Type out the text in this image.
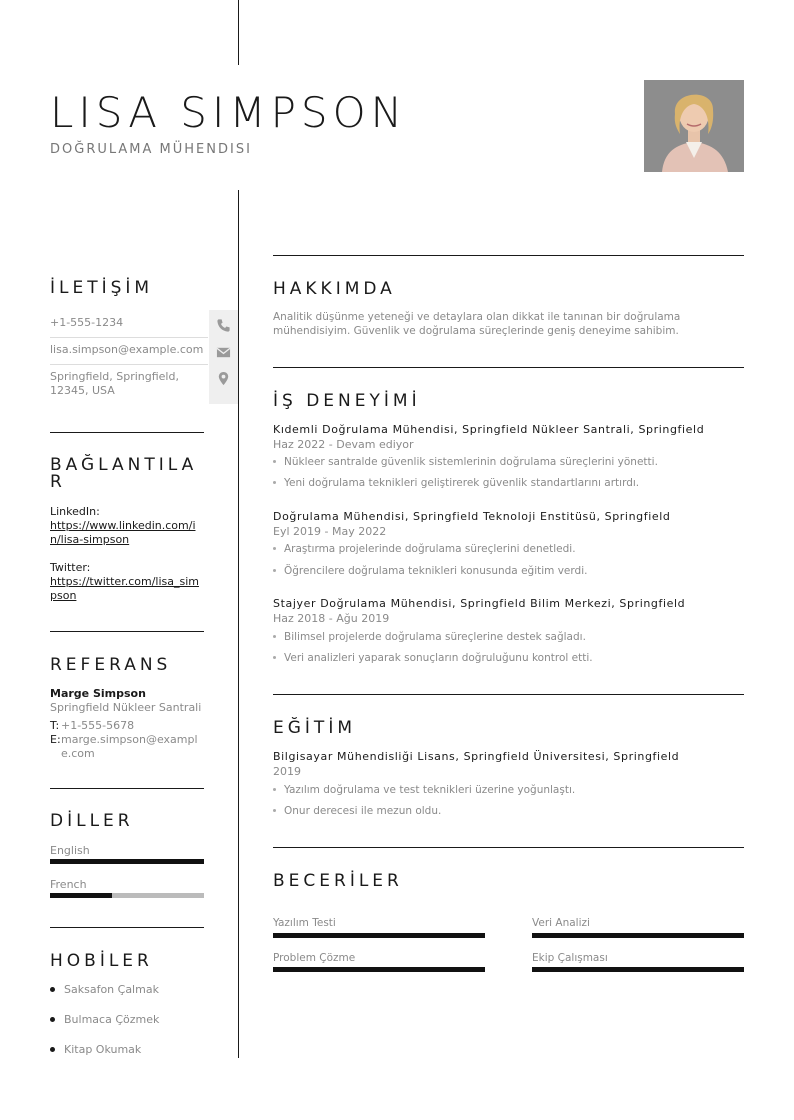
LISA SIMPSON
DOĞRULAMA MÜHENDISI
İLETİŞİM
+1-555-1234
lisa.simpson@example.com
Springfield, Springfield, 12345, USA
BAĞLANTILA R
LinkedIn:
https://www.linkedin.com/in/lisa-simpson
Twitter:
https://twitter.com/lisa_simpson
REFERANS
Marge Simpson
Springfield Nükleer Santrali
T: +1-555-5678
E: marge.simpson@example.com
DİLLER
English
French
HOBİLER
Saksafon Çalmak
Bulmaca Çözmek
Kitap Okumak
HAKKIMDA
Analitik düşünme yeteneği ve detaylara olan dikkat ile tanınan bir doğrulama mühendisiyim. Güvenlik ve doğrulama süreçlerinde geniş deneyime sahibim.
İŞ DENEYİMİ
Kıdemli Doğrulama Mühendisi, Springfield Nükleer Santrali, Springfield
Haz 2022 - Devam ediyor
Nükleer santralde güvenlik sistemlerinin doğrulama süreçlerini yönetti.
Yeni doğrulama teknikleri geliştirerek güvenlik standartlarını artırdı.
Doğrulama Mühendisi, Springfield Teknoloji Enstitüsü, Springfield
Eyl 2019 - May 2022
Araştırma projelerinde doğrulama süreçlerini denetledi.
Öğrencilere doğrulama teknikleri konusunda eğitim verdi.
Stajyer Doğrulama Mühendisi, Springfield Bilim Merkezi, Springfield
Haz 2018 - Ağu 2019
Bilimsel projelerde doğrulama süreçlerine destek sağladı.
Veri analizleri yaparak sonuçların doğruluğunu kontrol etti.
EĞİTİM
Bilgisayar Mühendisliği Lisans, Springfield Üniversitesi, Springfield
2019
Yazılım doğrulama ve test teknikleri üzerine yoğunlaştı.
Onur derecesi ile mezun oldu.
BECERİLER
Yazılım Testi	Veri Analizi
Problem Çözme	Ekip Çalışması
